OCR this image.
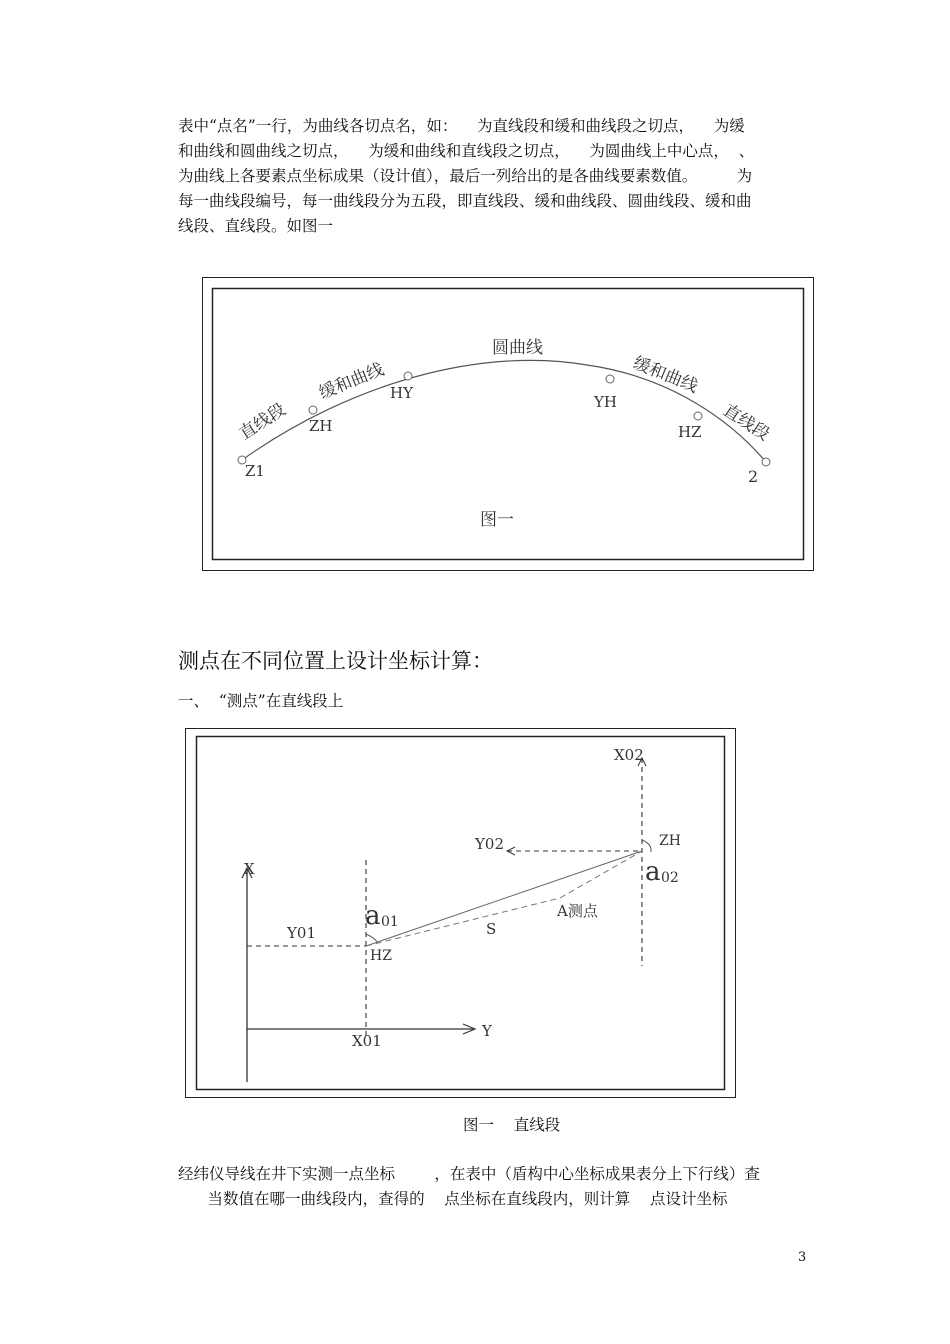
表中“点名”一行，为曲线各切点名，如：    为直线段和缓和曲线段之切点，    为缓
和曲线和圆曲线之切点，    为缓和曲线和直线段之切点，    为圆曲线上中心点，  、
为曲线上各要素点坐标成果（设计值），最后一列给出的是各曲线要素数值。        为
每一曲线段编号，每一曲线段分为五段，即直线段、缓和曲线段、圆曲线段、缓和曲
线段、直线段。如图一
直线段
缓和曲线
圆曲线
缓和曲线
直线段
Z1
ZH
HY	YH
HZ
2
图一
测点在不同位置上设计坐标计算：
一、  “测点”在直线段上
X
Y
Y01
X01
HZ
a 01	S
A测点
X02
Y02	ZH
a 02
图一    直线段
经纬仪导线在井下实测一点坐标        ，在表中（盾构中心坐标成果表分上下行线）查
当数值在哪一曲线段内，查得的    点坐标在直线段内，则计算    点设计坐标
3
